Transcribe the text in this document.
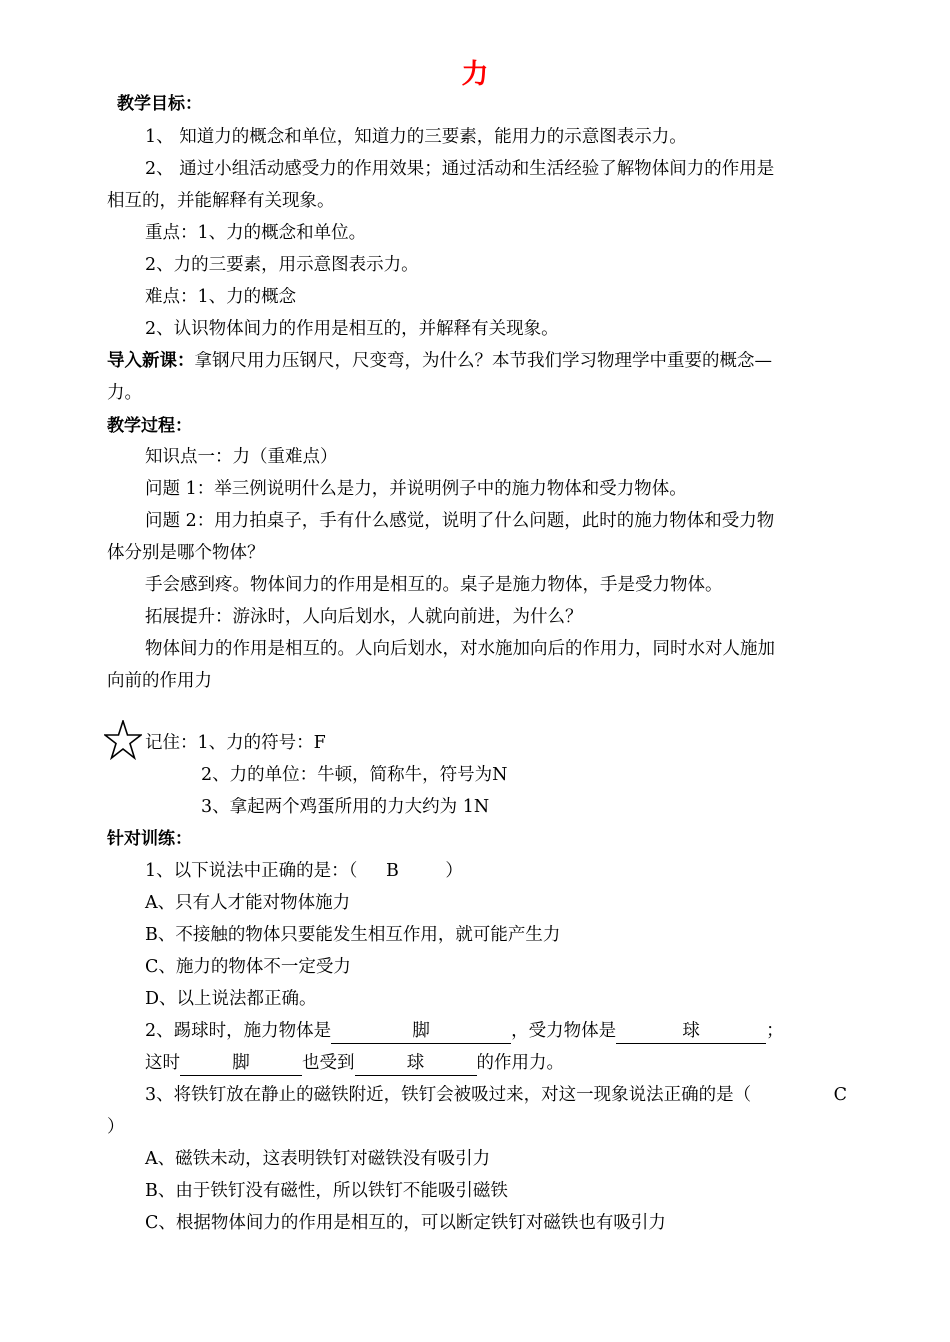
力
教学目标：
1、 知道力的概念和单位，知道力的三要素，能用力的示意图表示力。
2、 通过小组活动感受力的作用效果；通过活动和生活经验了解物体间力的作用是
相互的，并能解释有关现象。
重点：1、力的概念和单位。
2、力的三要素，用示意图表示力。
难点：1、力的概念
2、认识物体间力的作用是相互的，并解释有关现象。
导入新课：拿钢尺用力压钢尺，尺变弯，为什么？本节我们学习物理学中重要的概念—
力。
教学过程：
知识点一：力（重难点）
问题 1：举三例说明什么是力，并说明例子中的施力物体和受力物体。
问题 2：用力拍桌子，手有什么感觉，说明了什么问题，此时的施力物体和受力物
体分别是哪个物体？
手会感到疼。物体间力的作用是相互的。桌子是施力物体，手是受力物体。
拓展提升：游泳时，人向后划水，人就向前进，为什么？
物体间力的作用是相互的。人向后划水，对水施加向后的作用力，同时水对人施加
向前的作用力
记住：1、力的符号：F
2、力的单位：牛顿，简称牛，符号为N
3、拿起两个鸡蛋所用的力大约为 1N
针对训练：
1、以下说法中正确的是：（ B	）
A、只有人才能对物体施力
B、不接触的物体只要能发生相互作用，就可能产生力
C、施力的物体不一定受力
D、以上说法都正确。
2、踢球时，施力物体是	脚	，受力物体是	球	；
这时	脚	也受到	球	的作用力。
3、将铁钉放在静止的磁铁附近，铁钉会被吸过来，对这一现象说法正确的是（	C
）
A、磁铁未动，这表明铁钉对磁铁没有吸引力
B、由于铁钉没有磁性，所以铁钉不能吸引磁铁
C、根据物体间力的作用是相互的，可以断定铁钉对磁铁也有吸引力
